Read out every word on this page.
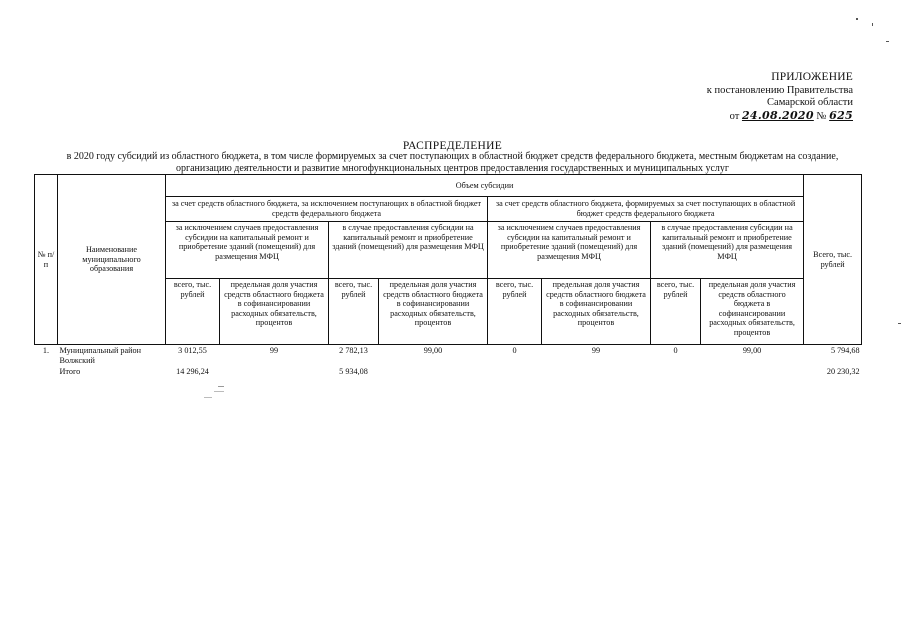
ПРИЛОЖЕНИЕ
к постановлению Правительства
Самарской области
от 24.08.2020 № 625
РАСПРЕДЕЛЕНИЕ
в 2020 году субсидий из областного бюджета, в том числе формируемых за счет поступающих в областной бюджет средств федерального бюджета, местным бюджетам на создание, организацию деятельности и развитие многофункциональных центров предоставления государственных и муниципальных услуг
№ п/п	Наименование муниципального образования	Объем субсидии								Всего, тыс. рублей
		за счет средств областного бюджета, за исключением поступающих в областной бюджет средств федерального бюджета				за счет средств областного бюджета, формируемых за счет поступающих в областной бюджет средств федерального бюджета				
		за исключением случаев предоставления субсидии на капитальный ремонт и приобретение зданий (помещений) для размещения МФЦ		в случае предоставления субсидии на капитальный ремонт и приобретение зданий (помещений) для размещения МФЦ		за исключением случаев предоставления субсидии на капитальный ремонт и приобретение зданий (помещений) для размещения МФЦ		в случае предоставления субсидии на капитальный ремонт и приобретение зданий (помещений) для размещения МФЦ		
		всего, тыс. рублей	предельная доля участия средств областного бюджета в софинансировании расходных обязательств, процентов	всего, тыс. рублей	предельная доля участия средств областного бюджета в софинансировании расходных обязательств, процентов	всего, тыс. рублей	предельная доля участия средств областного бюджета в софинансировании расходных обязательств, процентов	всего, тыс. рублей	предельная доля участия средств областного бюджета в софинансировании расходных обязательств, процентов	
1.	Муниципальный район Волжский	3 012,55	99	2 782,13	99,00	0	99	0	99,00	5 794,68
	Итого	14 296,24		5 934,08						20 230,32
